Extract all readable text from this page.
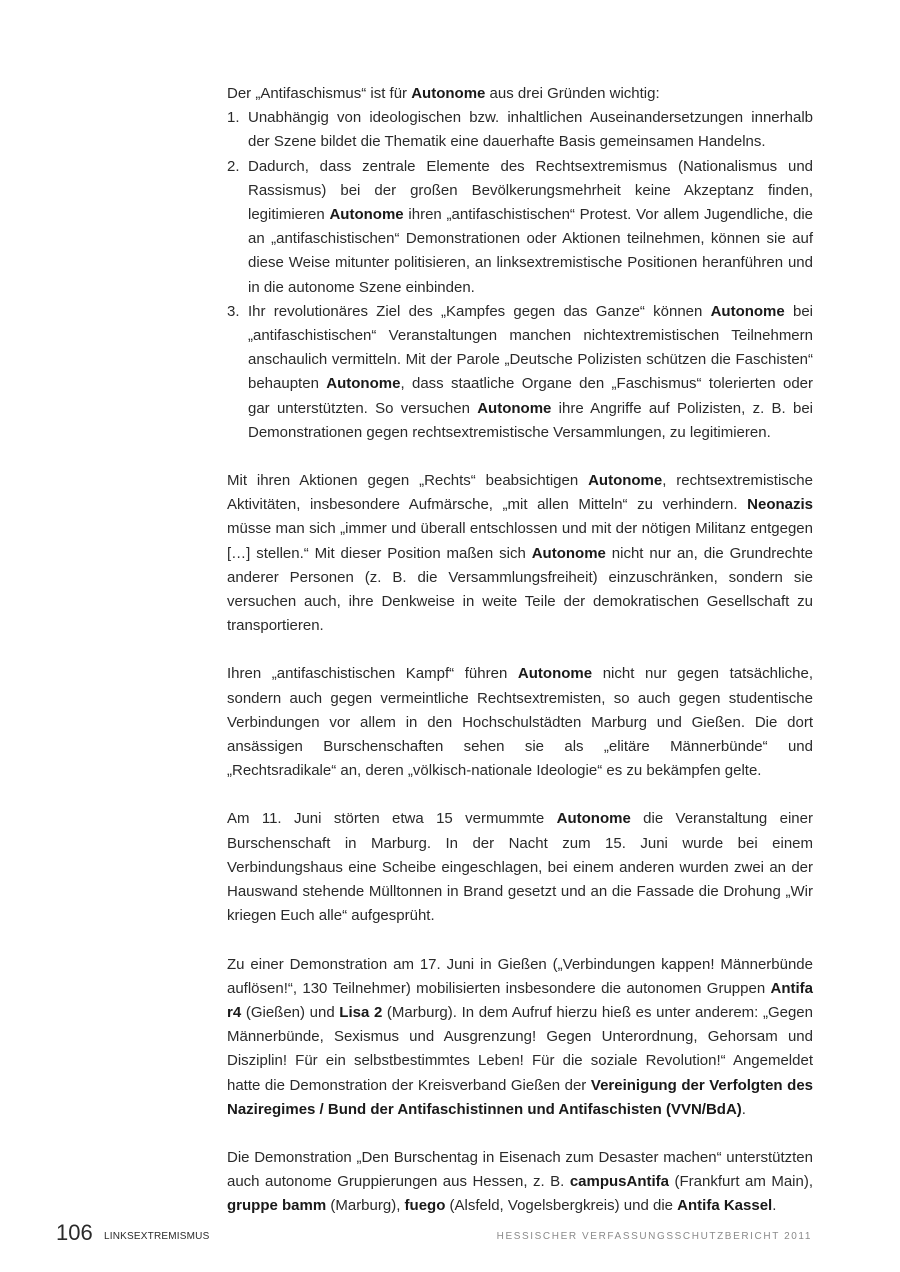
Der „Antifaschismus“ ist für Autonome aus drei Gründen wichtig:

1. Unabhängig von ideologischen bzw. inhaltlichen Auseinandersetzungen innerhalb der Szene bildet die Thematik eine dauerhafte Basis gemeinsamen Handelns.
2. Dadurch, dass zentrale Elemente des Rechtsextremismus (Nationalismus und Rassismus) bei der großen Bevölkerungsmehrheit keine Akzeptanz finden, legitimieren Autonome ihren „antifaschistischen“ Protest. Vor allem Jugendliche, die an „antifaschistischen“ Demonstrationen oder Aktionen teilnehmen, können sie auf diese Weise mitunter politisieren, an linksextremistische Positionen heranführen und in die autonome Szene einbinden.
3. Ihr revolutionäres Ziel des „Kampfes gegen das Ganze“ können Autonome bei „antifaschistischen“ Veranstaltungen manchen nichtextremistischen Teilnehmern anschaulich vermitteln. Mit der Parole „Deutsche Polizisten schützen die Faschisten“ behaupten Autonome, dass staatliche Organe den „Faschismus“ tolerierten oder gar unterstützten. So versuchen Autonome ihre Angriffe auf Polizisten, z. B. bei Demonstrationen gegen rechtsextremistische Versammlungen, zu legitimieren.

Mit ihren Aktionen gegen „Rechts“ beabsichtigen Autonome, rechtsextremistische Aktivitäten, insbesondere Aufmärsche, „mit allen Mitteln“ zu verhindern. Neonazis müsse man sich „immer und überall entschlossen und mit der nötigen Militanz entgegen […] stellen.“ Mit dieser Position maßen sich Autonome nicht nur an, die Grundrechte anderer Personen (z. B. die Versammlungsfreiheit) einzuschränken, sondern sie versuchen auch, ihre Denkweise in weite Teile der demokratischen Gesellschaft zu transportieren.

Ihren „antifaschistischen Kampf“ führen Autonome nicht nur gegen tatsächliche, sondern auch gegen vermeintliche Rechtsextremisten, so auch gegen studentische Verbindungen vor allem in den Hochschulstädten Marburg und Gießen. Die dort ansässigen Burschenschaften sehen sie als „elitäre Männerbünde“ und „Rechtsradikale“ an, deren „völkisch-nationale Ideologie“ es zu bekämpfen gelte.

Am 11. Juni störten etwa 15 vermummte Autonome die Veranstaltung einer Burschenschaft in Marburg. In der Nacht zum 15. Juni wurde bei einem Verbindungshaus eine Scheibe eingeschlagen, bei einem anderen wurden zwei an der Hauswand stehende Mülltonnen in Brand gesetzt und an die Fassade die Drohung „Wir kriegen Euch alle“ aufgesprüht.

Zu einer Demonstration am 17. Juni in Gießen („Verbindungen kappen! Männerbünde auflösen!“, 130 Teilnehmer) mobilisierten insbesondere die autonomen Gruppen Antifa r4 (Gießen) und Lisa 2 (Marburg). In dem Aufruf hierzu hieß es unter anderem: „Gegen Männerbünde, Sexismus und Ausgrenzung! Gegen Unterordnung, Gehorsam und Disziplin! Für ein selbstbestimmtes Leben! Für die soziale Revolution!“ Angemeldet hatte die Demonstration der Kreisverband Gießen der Vereinigung der Verfolgten des Naziregimes / Bund der Antifaschistinnen und Antifaschisten (VVN/BdA).

Die Demonstration „Den Burschentag in Eisenach zum Desaster machen“ unterstützten auch autonome Gruppierungen aus Hessen, z. B. campusAntifa (Frankfurt am Main), gruppe bamm (Marburg), fuego (Alsfeld, Vogelsbergkreis) und die Antifa Kassel.

106 LINKSEXTREMISMUS	HESSISCHER VERFASSUNGSSCHUTZBERICHT 2011
